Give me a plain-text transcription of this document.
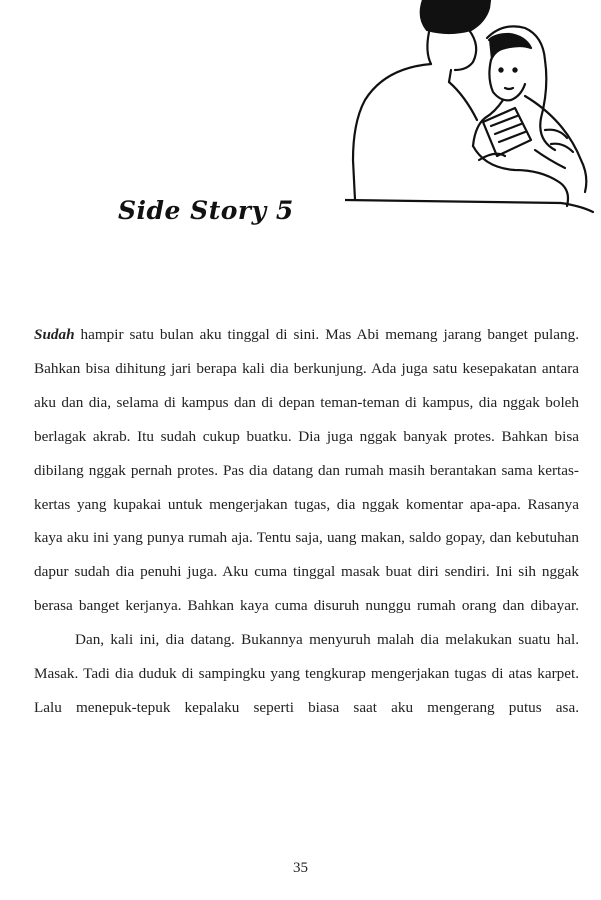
Side Story 5

Sudah hampir satu bulan aku tinggal di sini. Mas Abi memang jarang banget pulang. Bahkan bisa dihitung jari berapa kali dia berkunjung. Ada juga satu kesepakatan antara aku dan dia, selama di kampus dan di depan teman-teman di kampus, dia nggak boleh berlagak akrab. Itu sudah cukup buatku. Dia juga nggak banyak protes. Bahkan bisa dibilang nggak pernah protes. Pas dia datang dan rumah masih berantakan sama kertas-kertas yang kupakai untuk mengerjakan tugas, dia nggak komentar apa-apa. Rasanya kaya aku ini yang punya rumah aja. Tentu saja, uang makan, saldo gopay, dan kebutuhan dapur sudah dia penuhi juga. Aku cuma tinggal masak buat diri sendiri. Ini sih nggak berasa banget kerjanya. Bahkan kaya cuma disuruh nunggu rumah orang dan dibayar.

Dan, kali ini, dia datang. Bukannya menyuruh malah dia melakukan suatu hal. Masak. Tadi dia duduk di sampingku yang tengkurap mengerjakan tugas di atas karpet. Lalu menepuk-tepuk kepalaku seperti biasa saat aku mengerang putus asa.

35
